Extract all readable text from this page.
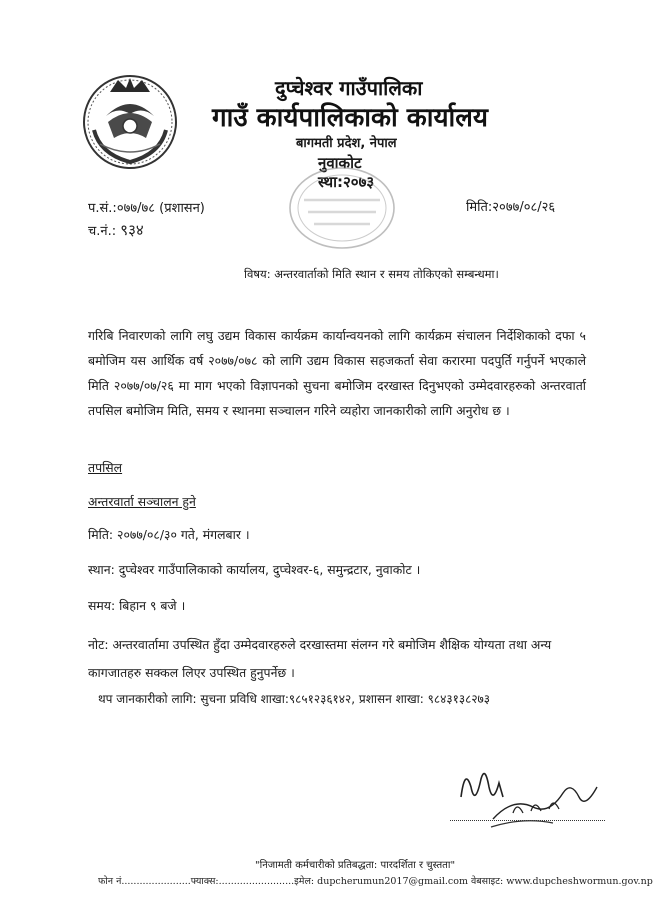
दुप्चेश्वर गाउँपालिका
गाउँ कार्यपालिकाको कार्यालय
बागमती प्रदेश, नेपाल
नुवाकोट
स्था:२०७३
प.सं.:०७७/७८ (प्रशासन)
च.नं.: ९३४
मिति:२०७७/०८/२६
विषय: अन्तरवार्ताको मिति स्थान र समय तोकिएको सम्बन्धमा।
गरिबि निवारणको लागि लघु उद्यम विकास कार्यक्रम कार्यान्वयनको लागि कार्यक्रम संचालन निर्देशिकाको दफा ५ बमोजिम यस आर्थिक वर्ष २०७७/०७८ को लागि उद्यम विकास सहजकर्ता सेवा करारमा पदपुर्ति गर्नुपर्ने भएकाले मिति २०७७/०७/२६ मा माग भएको विज्ञापनको सुचना बमोजिम दरखास्त दिनुभएको उम्मेदवारहरुको अन्तरवार्ता तपसिल बमोजिम मिति, समय र स्थानमा सञ्चालन गरिने व्यहोरा जानकारीको लागि अनुरोध छ ।
तपसिल
अन्तरवार्ता सञ्चालन हुने
मिति: २०७७/०८/३० गते, मंगलबार ।
स्थान: दुप्चेश्वर गाउँपालिकाको कार्यालय, दुप्चेश्वर-६, समुन्द्रटार, नुवाकोट ।
समय: बिहान ९ बजे ।
नोट: अन्तरवार्तामा उपस्थित हुँदा उम्मेदवारहरुले दरखास्तमा संलग्न गरे बमोजिम शैक्षिक योग्यता तथा अन्य कागजातहरु सक्कल लिएर उपस्थित हुनुपर्नेछ ।
थप जानकारीको लागि: सुचना प्रविधि शाखा:९८५१२३६१४२, प्रशासन शाखा: ९८४३१३८२७३
"निजामती कर्मचारीको प्रतिबद्धता: पारदर्शिता र चुस्तता"
फोन नं.......................फ्याक्स:.........................इमेल: dupcherumun2017@gmail.com वेबसाइट: www.dupcheshwormun.gov.np
